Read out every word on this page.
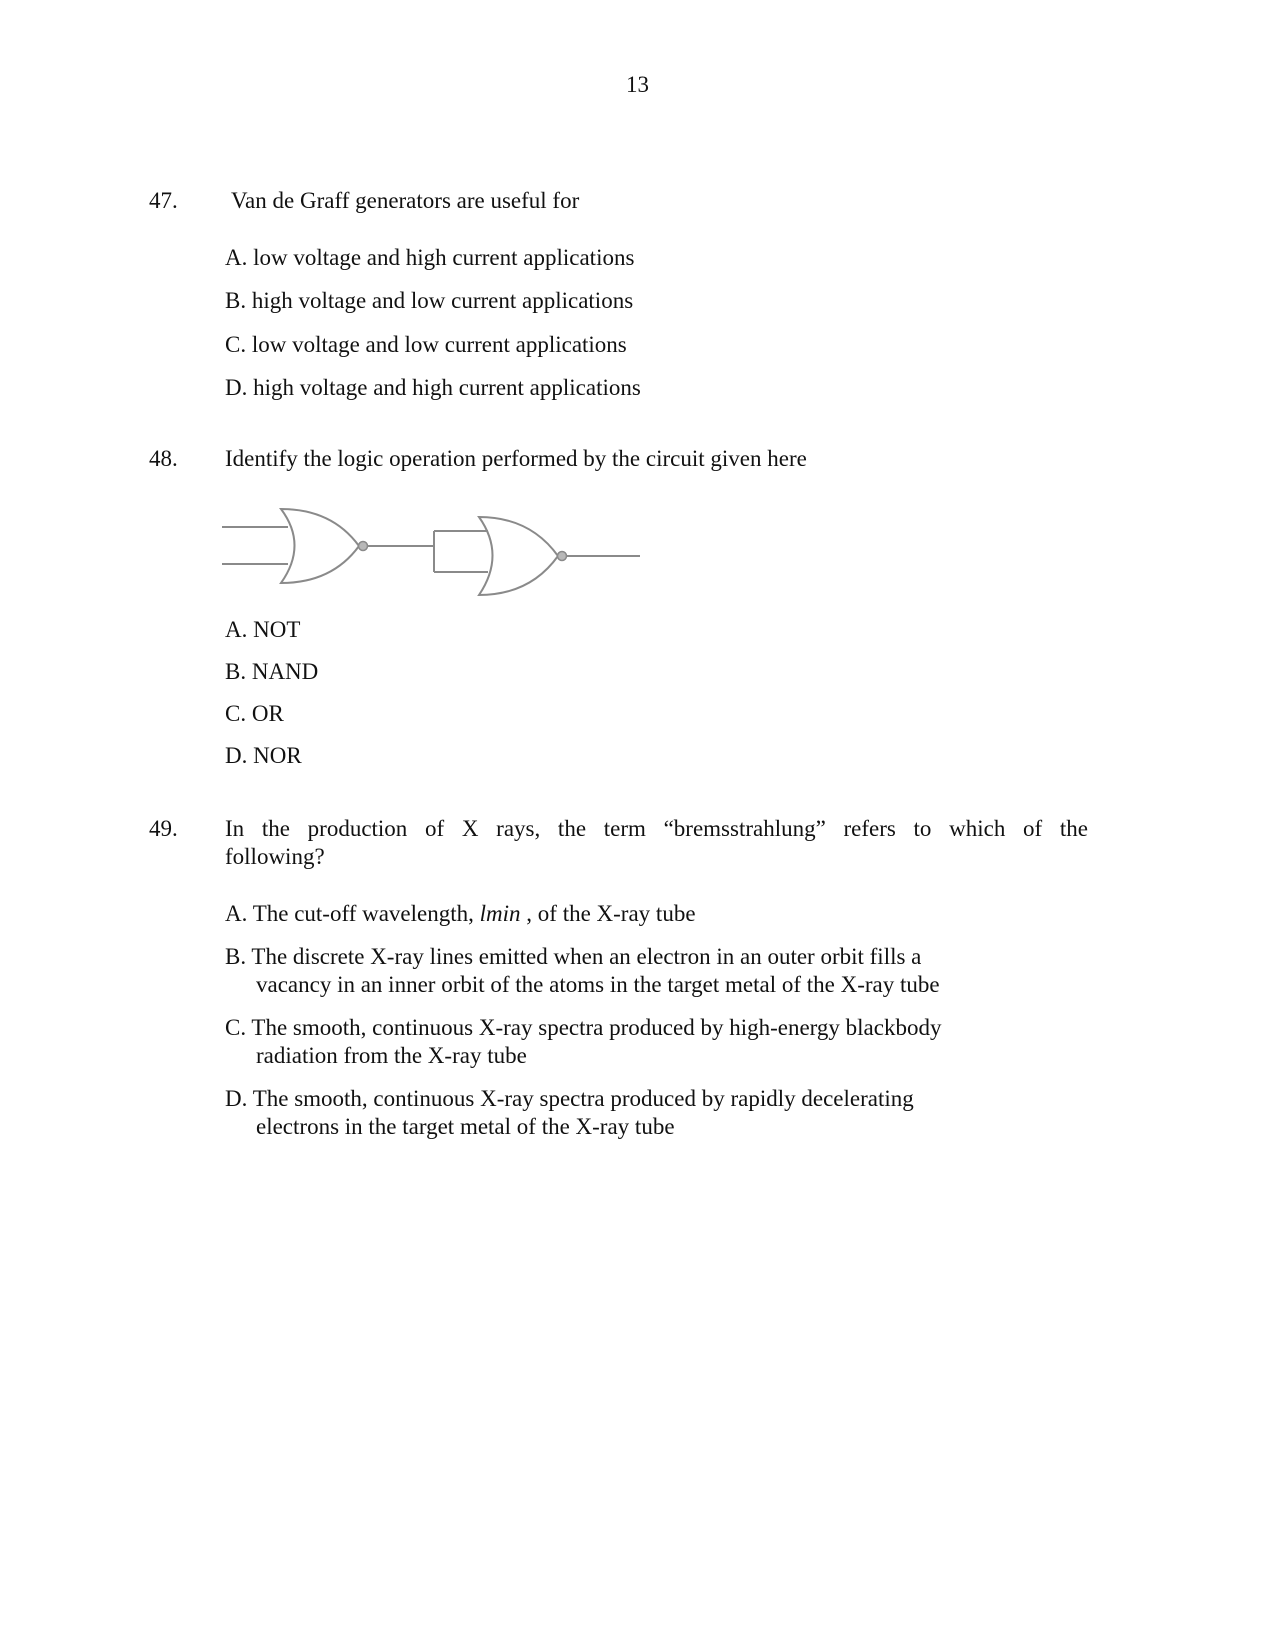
13
47. Van de Graff generators are useful for
A. low voltage and high current applications
B. high voltage and low current applications
C. low voltage and low current applications
D. high voltage and high current applications
48. Identify the logic operation performed by the circuit given here
A. NOT
B. NAND
C. OR
D. NOR
49. In the production of X rays, the term “bremsstrahlung” refers to which of the
following?
A. The cut-off wavelength, lmin , of the X-ray tube
B. The discrete X-ray lines emitted when an electron in an outer orbit fills a
vacancy in an inner orbit of the atoms in the target metal of the X-ray tube
C. The smooth, continuous X-ray spectra produced by high-energy blackbody
radiation from the X-ray tube
D. The smooth, continuous X-ray spectra produced by rapidly decelerating
electrons in the target metal of the X-ray tube
